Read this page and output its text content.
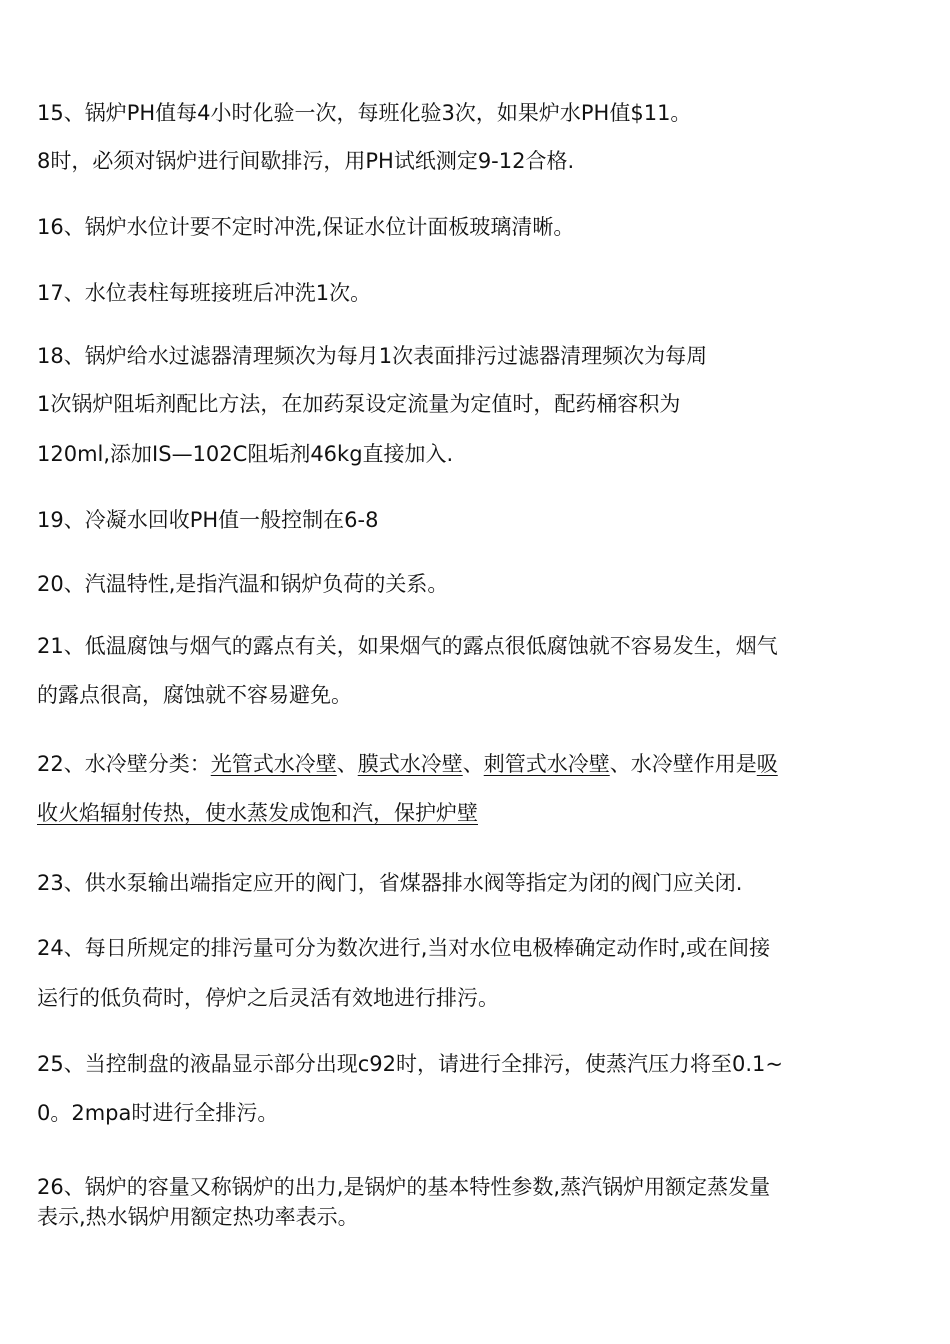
15、锅炉PH值每4小时化验一次，每班化验3次，如果炉水PH值$11。

8时，必须对锅炉进行间歇排污，用PH试纸测定9-12合格.

16、锅炉水位计要不定时冲洗,保证水位计面板玻璃清晰。

17、水位表柱每班接班后冲洗1次。

18、锅炉给水过滤器清理频次为每月1次表面排污过滤器清理频次为每周

1次锅炉阻垢剂配比方法，在加药泵设定流量为定值时，配药桶容积为

120ml,添加IS—102C阻垢剂46kg直接加入.

19、冷凝水回收PH值一般控制在6-8

20、汽温特性,是指汽温和锅炉负荷的关系。

21、低温腐蚀与烟气的露点有关，如果烟气的露点很低腐蚀就不容易发生，烟气

的露点很高，腐蚀就不容易避免。

22、水冷壁分类：光管式水冷壁、膜式水冷壁、刺管式水冷壁、水冷壁作用是吸

收火焰辐射传热，使水蒸发成饱和汽，保护炉壁

23、供水泵输出端指定应开的阀门，省煤器排水阀等指定为闭的阀门应关闭.

24、每日所规定的排污量可分为数次进行,当对水位电极棒确定动作时,或在间接

运行的低负荷时，停炉之后灵活有效地进行排污。

25、当控制盘的液晶显示部分出现c92时，请进行全排污，使蒸汽压力将至0.1~

0。2mpa时进行全排污。

26、锅炉的容量又称锅炉的出力,是锅炉的基本特性参数,蒸汽锅炉用额定蒸发量

表示,热水锅炉用额定热功率表示。
